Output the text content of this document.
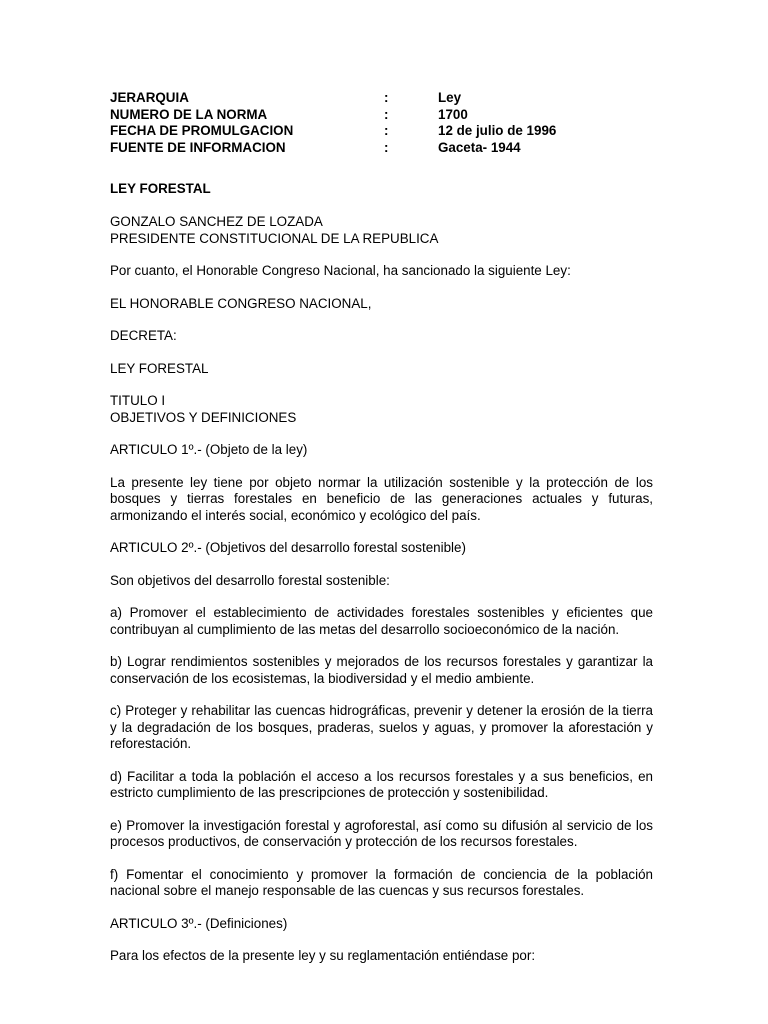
JERARQUIA	:	Ley
NUMERO DE LA NORMA	:	1700
FECHA DE PROMULGACION	:	12 de julio de 1996
FUENTE DE INFORMACION	:	Gaceta- 1944

LEY FORESTAL

GONZALO SANCHEZ DE LOZADA

PRESIDENTE CONSTITUCIONAL DE LA REPUBLICA

Por cuanto, el Honorable Congreso Nacional, ha sancionado la siguiente Ley:

EL HONORABLE CONGRESO NACIONAL,

DECRETA:

LEY FORESTAL

TITULO I

OBJETIVOS Y DEFINICIONES

ARTICULO 1º.- (Objeto de la ley)

La presente ley tiene por objeto normar la utilización sostenible y la protección de los bosques y tierras forestales en beneficio de las generaciones actuales y futuras, armonizando el interés social, económico y ecológico del país.

ARTICULO 2º.- (Objetivos del desarrollo forestal sostenible)

Son objetivos del desarrollo forestal sostenible:

a) Promover el establecimiento de actividades forestales sostenibles y eficientes que contribuyan al cumplimiento de las metas del desarrollo socioeconómico de la nación.

b) Lograr rendimientos sostenibles y mejorados de los recursos forestales y garantizar la conservación de los ecosistemas, la biodiversidad y el medio ambiente.

c) Proteger y rehabilitar las cuencas hidrográficas, prevenir y detener la erosión de la tierra y la degradación de los bosques, praderas, suelos y aguas, y promover la aforestación y reforestación.

d) Facilitar a toda la población el acceso a los recursos forestales y a sus beneficios, en estricto cumplimiento de las prescripciones de protección y sostenibilidad.

e) Promover la investigación forestal y agroforestal, así como su difusión al servicio de los procesos productivos, de conservación y protección de los recursos forestales.

f) Fomentar el conocimiento y promover la formación de conciencia de la población nacional sobre el manejo responsable de las cuencas y sus recursos forestales.

ARTICULO 3º.- (Definiciones)

Para los efectos de la presente ley y su reglamentación entiéndase por:
